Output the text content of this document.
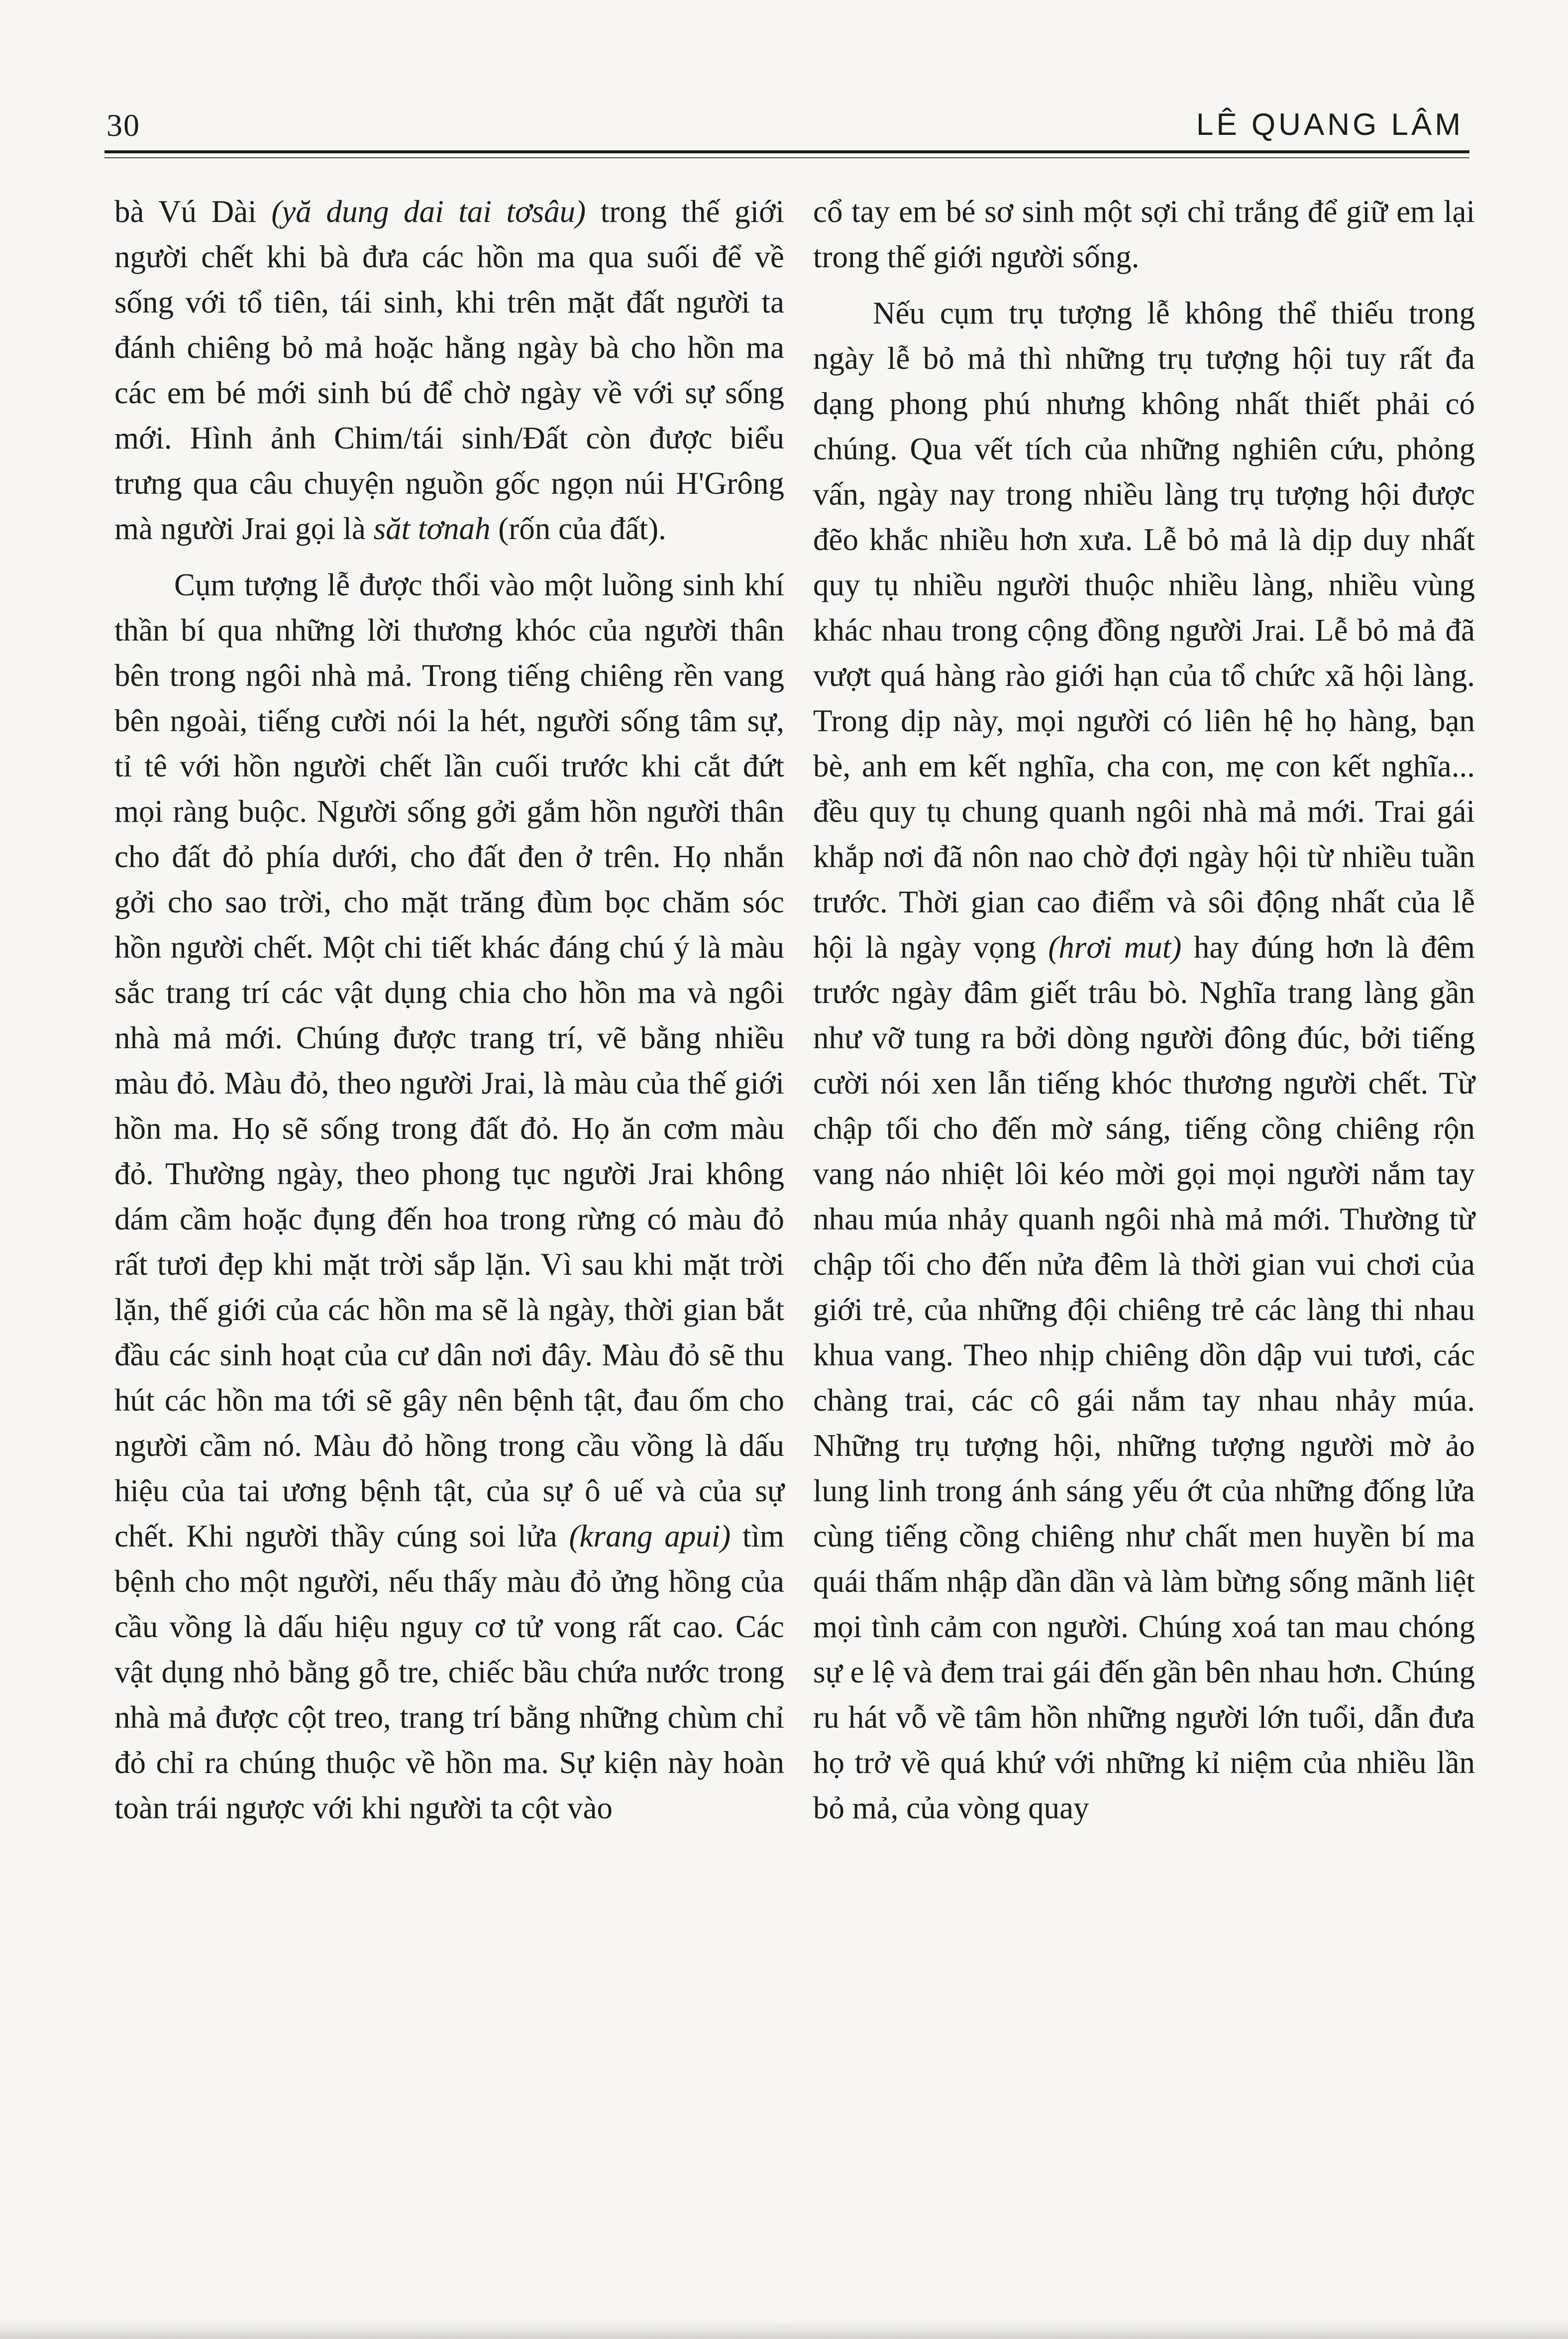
30	LÊ QUANG LÂM

bà Vú Dài (yă dung dai tai tơsâu) trong thế giới người chết khi bà đưa các hồn ma qua suối để về sống với tổ tiên, tái sinh, khi trên mặt đất người ta đánh chiêng bỏ mả hoặc hằng ngày bà cho hồn ma các em bé mới sinh bú để chờ ngày về với sự sống mới. Hình ảnh Chim/tái sinh/Đất còn được biểu trưng qua câu chuyện nguồn gốc ngọn núi H'Grông mà người Jrai gọi là săt tơnah (rốn của đất).

Cụm tượng lễ được thổi vào một luồng sinh khí thần bí qua những lời thương khóc của người thân bên trong ngôi nhà mả. Trong tiếng chiêng rền vang bên ngoài, tiếng cười nói la hét, người sống tâm sự, tỉ tê với hồn người chết lần cuối trước khi cắt đứt mọi ràng buộc. Người sống gởi gắm hồn người thân cho đất đỏ phía dưới, cho đất đen ở trên. Họ nhắn gởi cho sao trời, cho mặt trăng đùm bọc chăm sóc hồn người chết. Một chi tiết khác đáng chú ý là màu sắc trang trí các vật dụng chia cho hồn ma và ngôi nhà mả mới. Chúng được trang trí, vẽ bằng nhiều màu đỏ. Màu đỏ, theo người Jrai, là màu của thế giới hồn ma. Họ sẽ sống trong đất đỏ. Họ ăn cơm màu đỏ. Thường ngày, theo phong tục người Jrai không dám cầm hoặc đụng đến hoa trong rừng có màu đỏ rất tươi đẹp khi mặt trời sắp lặn. Vì sau khi mặt trời lặn, thế giới của các hồn ma sẽ là ngày, thời gian bắt đầu các sinh hoạt của cư dân nơi đây. Màu đỏ sẽ thu hút các hồn ma tới sẽ gây nên bệnh tật, đau ốm cho người cầm nó. Màu đỏ hồng trong cầu vồng là dấu hiệu của tai ương bệnh tật, của sự ô uế và của sự chết. Khi người thầy cúng soi lửa (krang apui) tìm bệnh cho một người, nếu thấy màu đỏ ửng hồng của cầu vồng là dấu hiệu nguy cơ tử vong rất cao. Các vật dụng nhỏ bằng gỗ tre, chiếc bầu chứa nước trong nhà mả được cột treo, trang trí bằng những chùm chỉ đỏ chỉ ra chúng thuộc về hồn ma. Sự kiện này hoàn toàn trái ngược với khi người ta cột vào

cổ tay em bé sơ sinh một sợi chỉ trắng để giữ em lại trong thế giới người sống.

Nếu cụm trụ tượng lễ không thể thiếu trong ngày lễ bỏ mả thì những trụ tượng hội tuy rất đa dạng phong phú nhưng không nhất thiết phải có chúng. Qua vết tích của những nghiên cứu, phỏng vấn, ngày nay trong nhiều làng trụ tượng hội được đẽo khắc nhiều hơn xưa. Lễ bỏ mả là dịp duy nhất quy tụ nhiều người thuộc nhiều làng, nhiều vùng khác nhau trong cộng đồng người Jrai. Lễ bỏ mả đã vượt quá hàng rào giới hạn của tổ chức xã hội làng. Trong dịp này, mọi người có liên hệ họ hàng, bạn bè, anh em kết nghĩa, cha con, mẹ con kết nghĩa... đều quy tụ chung quanh ngôi nhà mả mới. Trai gái khắp nơi đã nôn nao chờ đợi ngày hội từ nhiều tuần trước. Thời gian cao điểm và sôi động nhất của lễ hội là ngày vọng (hrơi mut) hay đúng hơn là đêm trước ngày đâm giết trâu bò. Nghĩa trang làng gần như vỡ tung ra bởi dòng người đông đúc, bởi tiếng cười nói xen lẫn tiếng khóc thương người chết. Từ chập tối cho đến mờ sáng, tiếng cồng chiêng rộn vang náo nhiệt lôi kéo mời gọi mọi người nắm tay nhau múa nhảy quanh ngôi nhà mả mới. Thường từ chập tối cho đến nửa đêm là thời gian vui chơi của giới trẻ, của những đội chiêng trẻ các làng thi nhau khua vang. Theo nhịp chiêng dồn dập vui tươi, các chàng trai, các cô gái nắm tay nhau nhảy múa. Những trụ tượng hội, những tượng người mờ ảo lung linh trong ánh sáng yếu ớt của những đống lửa cùng tiếng cồng chiêng như chất men huyền bí ma quái thấm nhập dần dần và làm bừng sống mãnh liệt mọi tình cảm con người. Chúng xoá tan mau chóng sự e lệ và đem trai gái đến gần bên nhau hơn. Chúng ru hát vỗ về tâm hồn những người lớn tuổi, dẫn đưa họ trở về quá khứ với những kỉ niệm của nhiều lần bỏ mả, của vòng quay
